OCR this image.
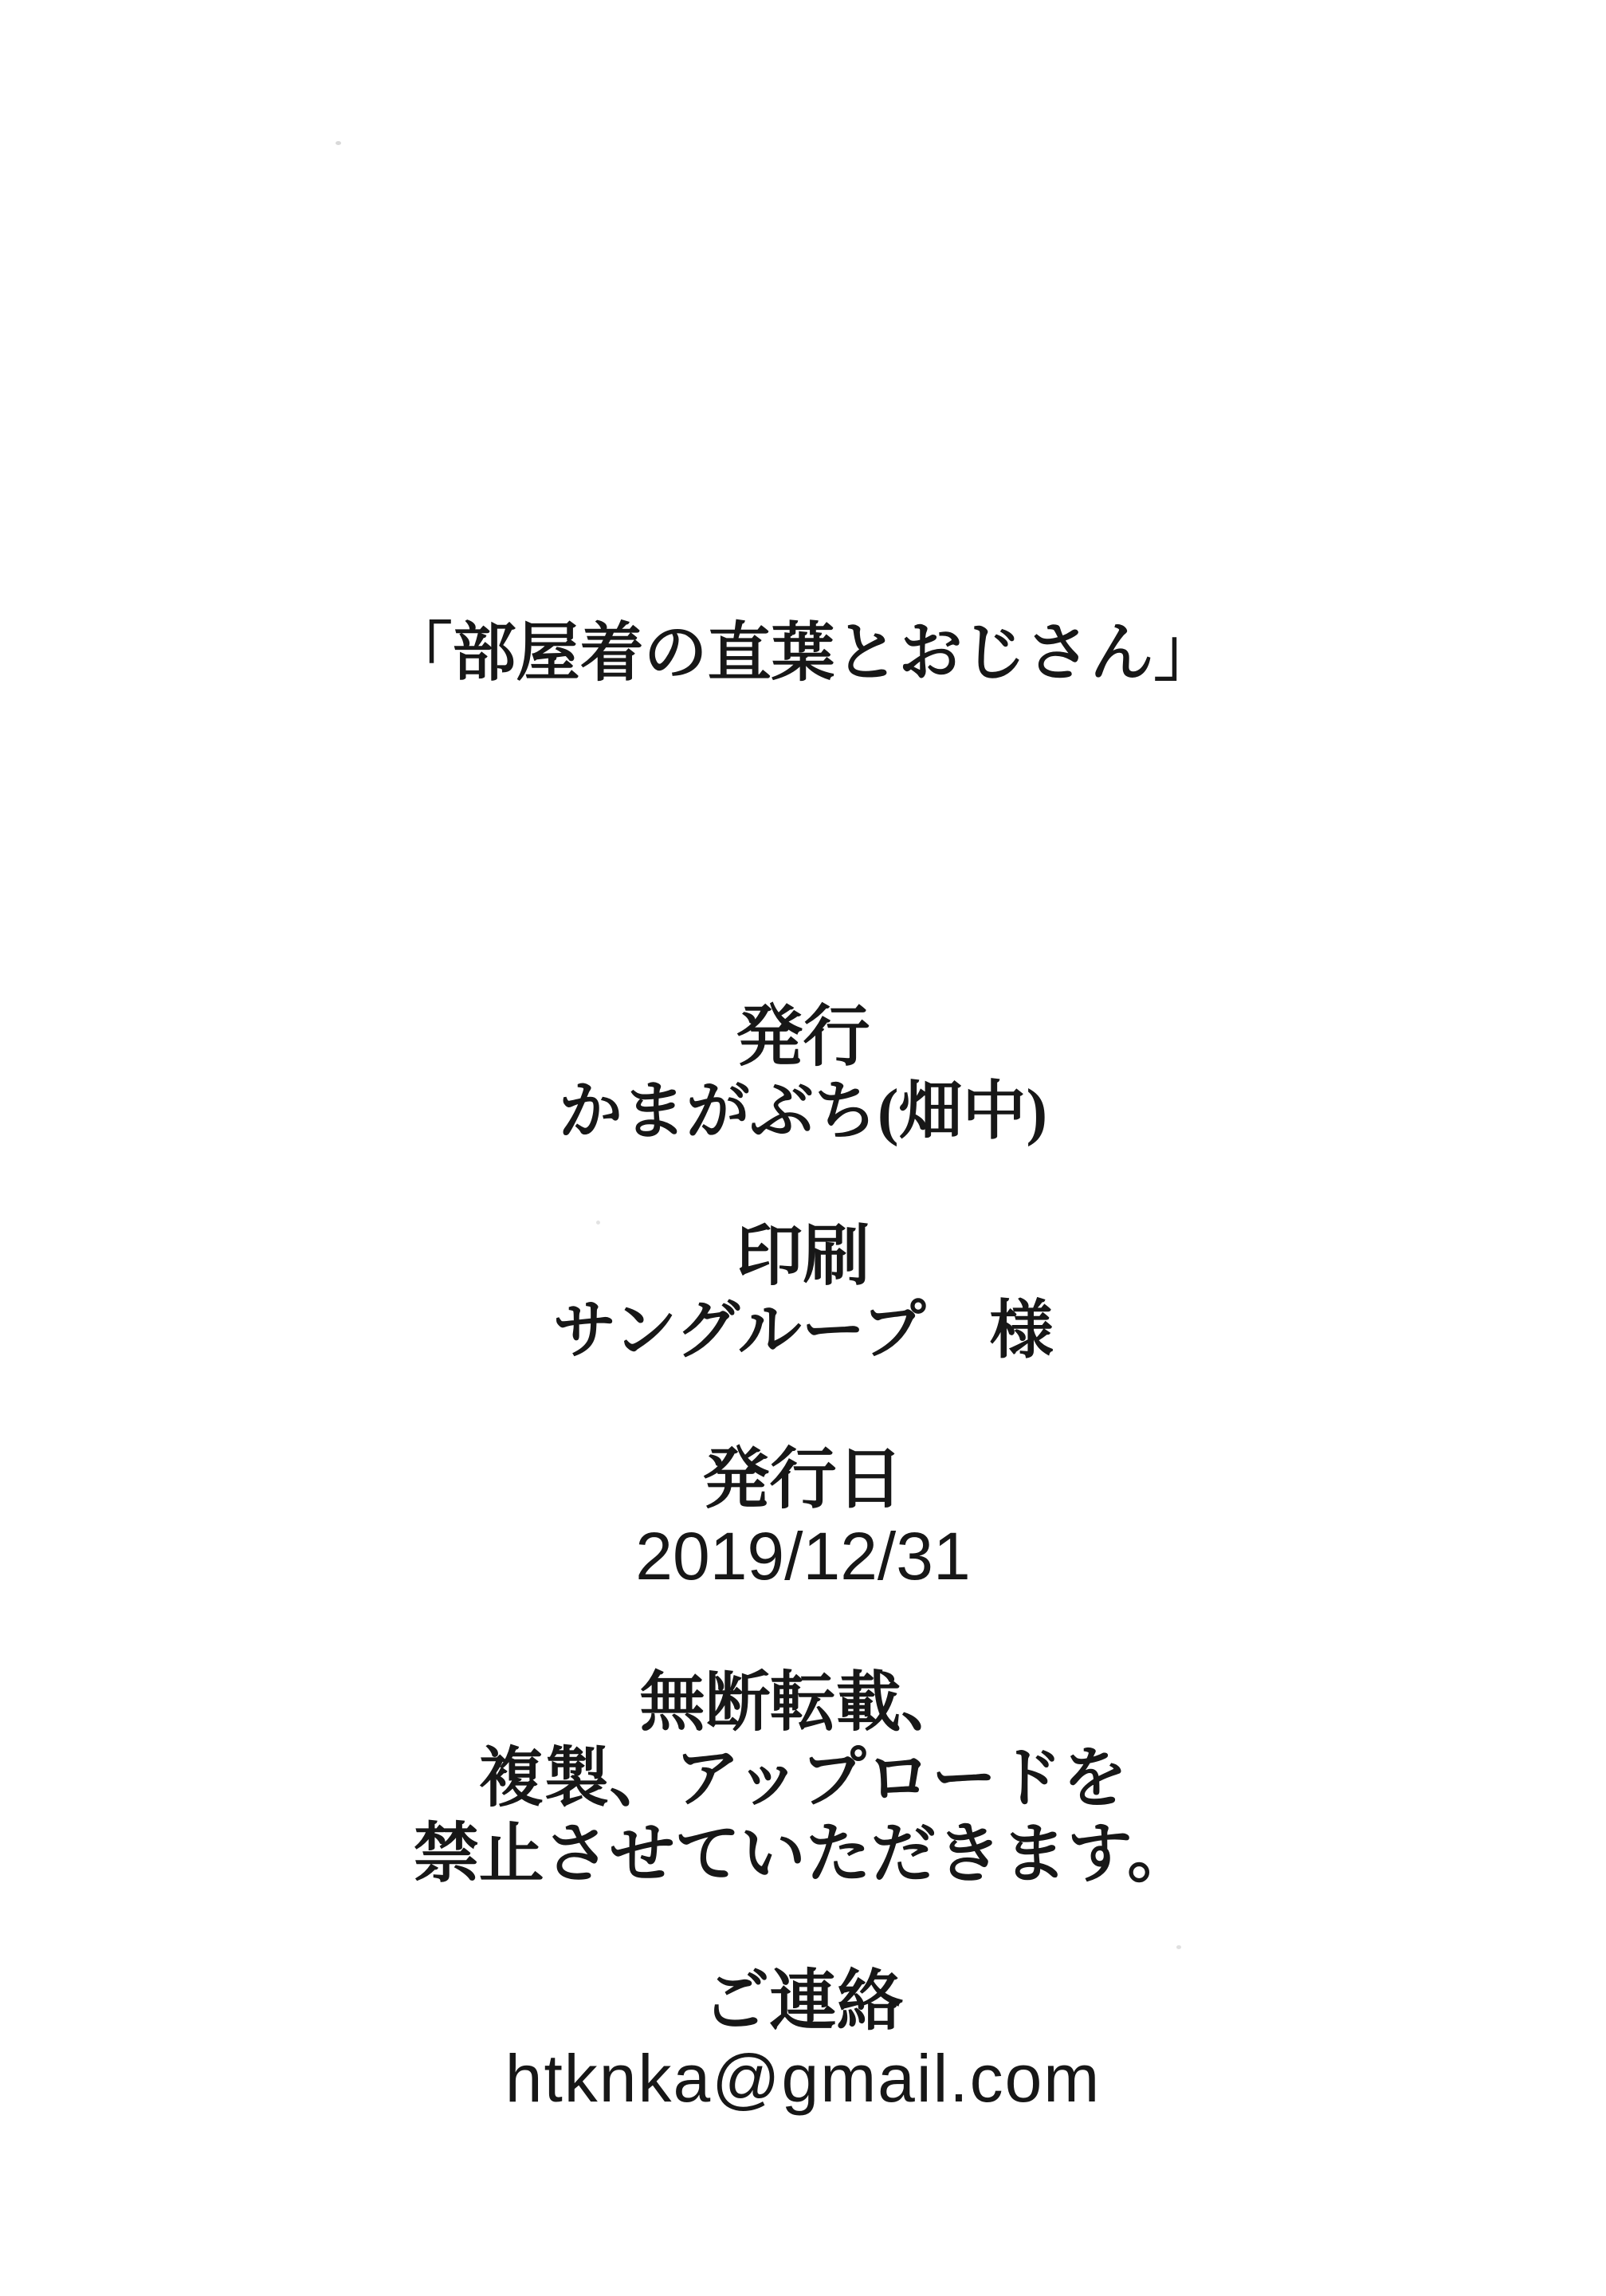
「部屋着の直葉とおじさん」
発行
かまがぶち(畑中)
印刷
サングループ　様
発行日
2019/12/31
無断転載、
複製、アップロードを
禁止させていただきます。
ご連絡
htknka@gmail.com
